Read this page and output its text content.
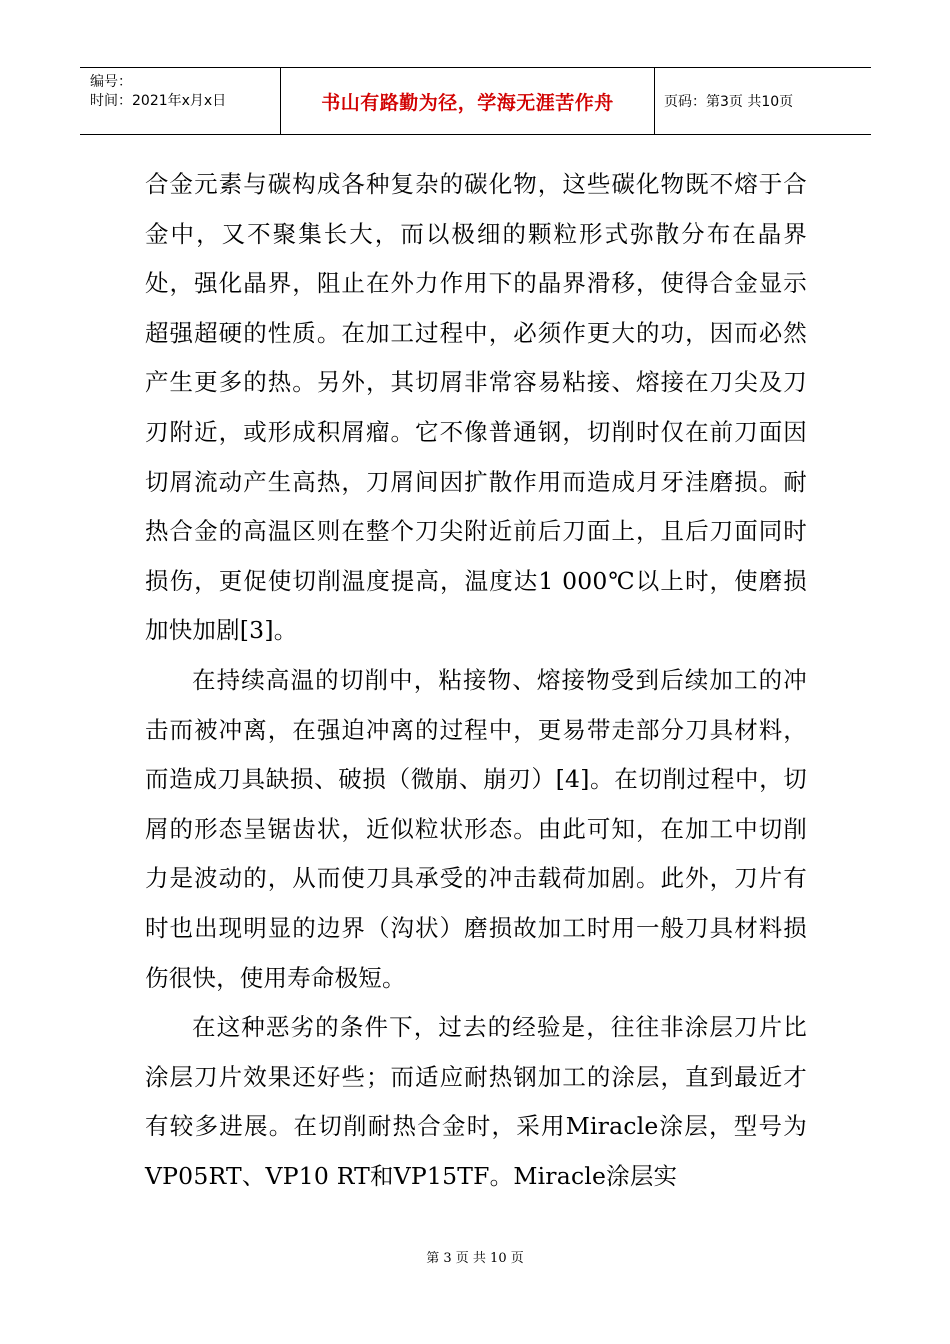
编号：
时间：2021年x月x日	书山有路勤为径，学海无涯苦作舟	页码：第3页 共10页

合金元素与碳构成各种复杂的碳化物，这些碳化物既不熔于合金中，又不聚集长大，而以极细的颗粒形式弥散分布在晶界处，强化晶界，阻止在外力作用下的晶界滑移，使得合金显示超强超硬的性质。在加工过程中，必须作更大的功，因而必然产生更多的热。另外，其切屑非常容易粘接、熔接在刀尖及刀刃附近，或形成积屑瘤。它不像普通钢，切削时仅在前刀面因切屑流动产生高热，刀屑间因扩散作用而造成月牙洼磨损。耐热合金的高温区则在整个刀尖附近前后刀面上，且后刀面同时损伤，更促使切削温度提高，温度达1 000℃以上时，使磨损加快加剧[3]。

在持续高温的切削中，粘接物、熔接物受到后续加工的冲击而被冲离，在强迫冲离的过程中，更易带走部分刀具材料，而造成刀具缺损、破损（微崩、崩刃）[4]。在切削过程中，切屑的形态呈锯齿状，近似粒状形态。由此可知，在加工中切削力是波动的，从而使刀具承受的冲击载荷加剧。此外，刀片有时也出现明显的边界（沟状）磨损故加工时用一般刀具材料损伤很快，使用寿命极短。

在这种恶劣的条件下，过去的经验是，往往非涂层刀片比涂层刀片效果还好些；而适应耐热钢加工的涂层，直到最近才有较多进展。在切削耐热合金时，采用Miracle涂层，型号为VP05RT、VP10 RT和VP15TF。Miracle涂层实

第 3 页 共 10 页
